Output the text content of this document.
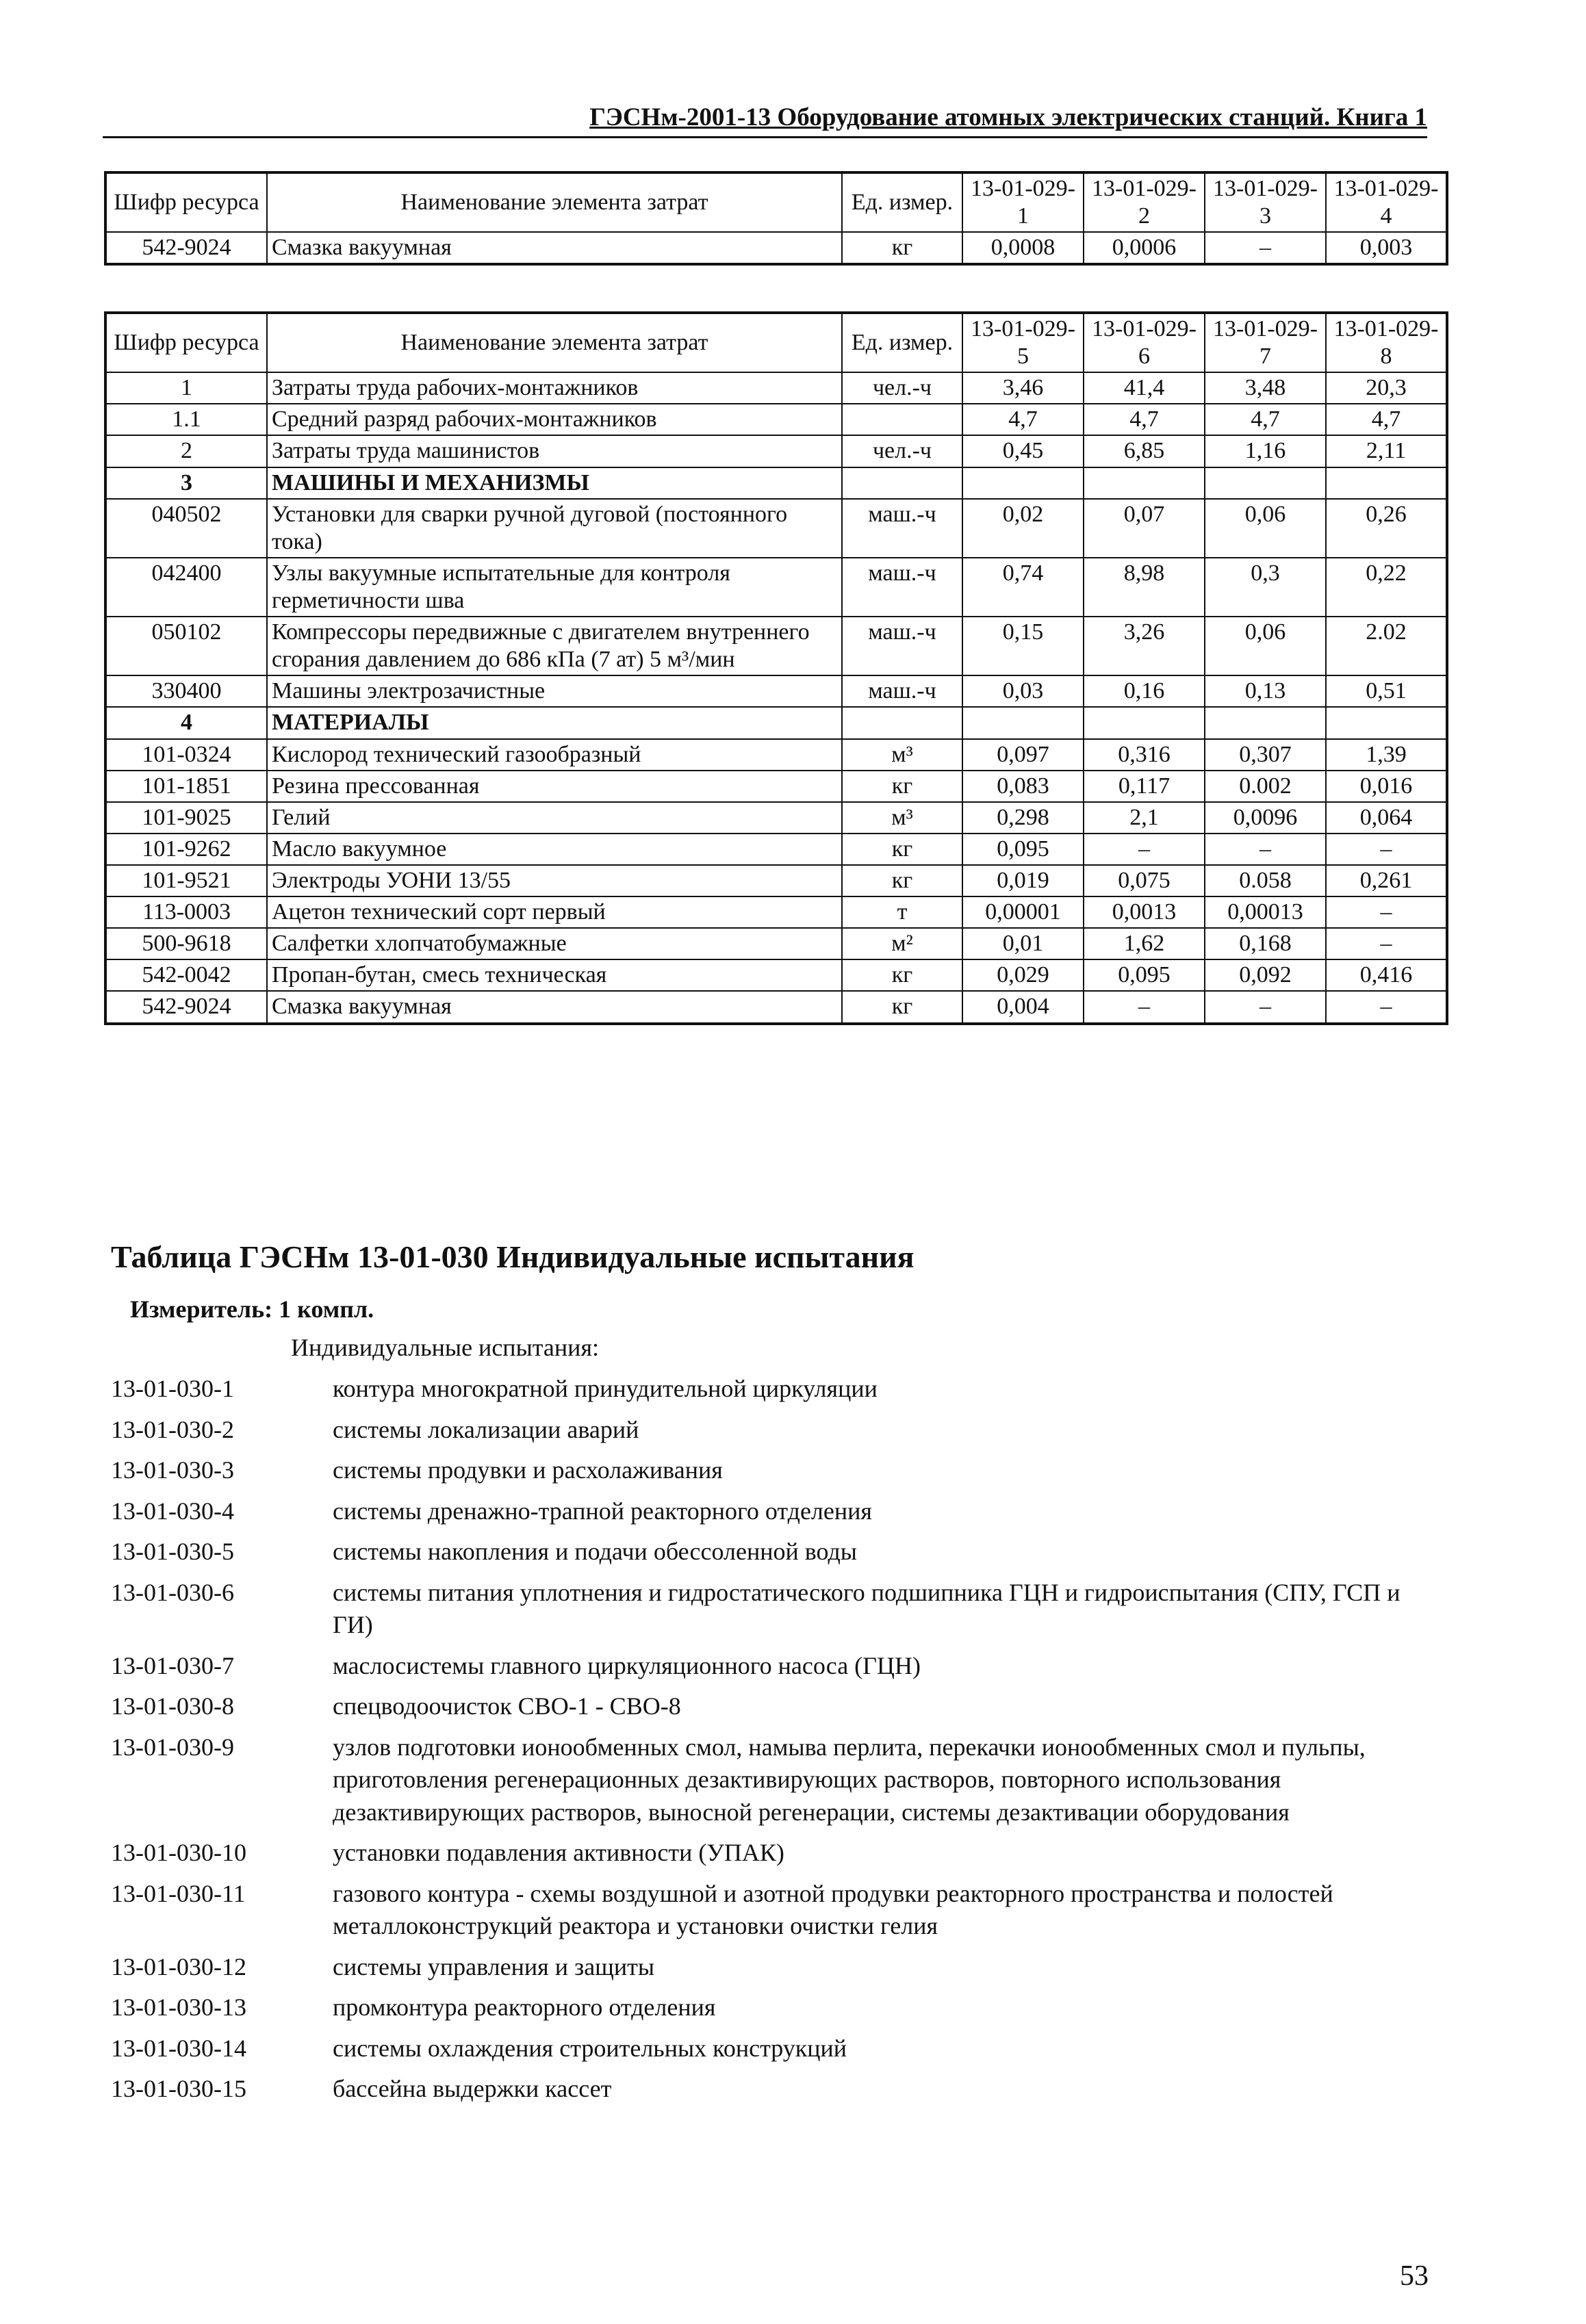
ГЭСНм-2001-13 Оборудование атомных электрических станций. Книга 1
Шифр ресурса	Наименование элемента затрат	Ед. измер.	13-01-029-1	13-01-029-2	13-01-029-3	13-01-029-4
542-9024	Смазка вакуумная	кг	0,0008	0,0006	–	0,003
Шифр ресурса	Наименование элемента затрат	Ед. измер.	13-01-029-5	13-01-029-6	13-01-029-7	13-01-029-8
1	Затраты труда рабочих-монтажников	чел.-ч	3,46	41,4	3,48	20,3
1.1	Средний разряд рабочих-монтажников		4,7	4,7	4,7	4,7
2	Затраты труда машинистов	чел.-ч	0,45	6,85	1,16	2,11
3	МАШИНЫ И МЕХАНИЗМЫ					
040502	Установки для сварки ручной дуговой (постоянного тока)	маш.-ч	0,02	0,07	0,06	0,26
042400	Узлы вакуумные испытательные для контроля герметичности шва	маш.-ч	0,74	8,98	0,3	0,22
050102	Компрессоры передвижные с двигателем внутреннего сгорания давлением до 686 кПа (7 ат) 5 м³/мин	маш.-ч	0,15	3,26	0,06	2.02
330400	Машины электрозачистные	маш.-ч	0,03	0,16	0,13	0,51
4	МАТЕРИАЛЫ					
101-0324	Кислород технический газообразный	м³	0,097	0,316	0,307	1,39
101-1851	Резина прессованная	кг	0,083	0,117	0.002	0,016
101-9025	Гелий	м³	0,298	2,1	0,0096	0,064
101-9262	Масло вакуумное	кг	0,095	–	–	–
101-9521	Электроды УОНИ 13/55	кг	0,019	0,075	0.058	0,261
113-0003	Ацетон технический сорт первый	т	0,00001	0,0013	0,00013	–
500-9618	Салфетки хлопчатобумажные	м²	0,01	1,62	0,168	–
542-0042	Пропан-бутан, смесь техническая	кг	0,029	0,095	0,092	0,416
542-9024	Смазка вакуумная	кг	0,004	–	–	–
Таблица ГЭСНм 13-01-030 Индивидуальные испытания
Измеритель: 1 компл.
Индивидуальные испытания:
13-01-030-1	контура многократной принудительной циркуляции
13-01-030-2	системы локализации аварий
13-01-030-3	системы продувки и расхолаживания
13-01-030-4	системы дренажно-трапной реакторного отделения
13-01-030-5	системы накопления и подачи обессоленной воды
13-01-030-6	системы питания уплотнения и гидростатического подшипника ГЦН и гидроиспытания (СПУ, ГСП и ГИ)
13-01-030-7	маслосистемы главного циркуляционного насоса (ГЦН)
13-01-030-8	спецводоочисток СВО-1 - СВО-8
13-01-030-9	узлов подготовки ионообменных смол, намыва перлита, перекачки ионообменных смол и пульпы, приготовления регенерационных дезактивирующих растворов, повторного использования дезактивирующих растворов, выносной регенерации, системы дезактивации оборудования
13-01-030-10	установки подавления активности (УПАК)
13-01-030-11	газового контура - схемы воздушной и азотной продувки реакторного пространства и полостей металлоконструкций реактора и установки очистки гелия
13-01-030-12	системы управления и защиты
13-01-030-13	промконтура реакторного отделения
13-01-030-14	системы охлаждения строительных конструкций
13-01-030-15	бассейна выдержки кассет
53
